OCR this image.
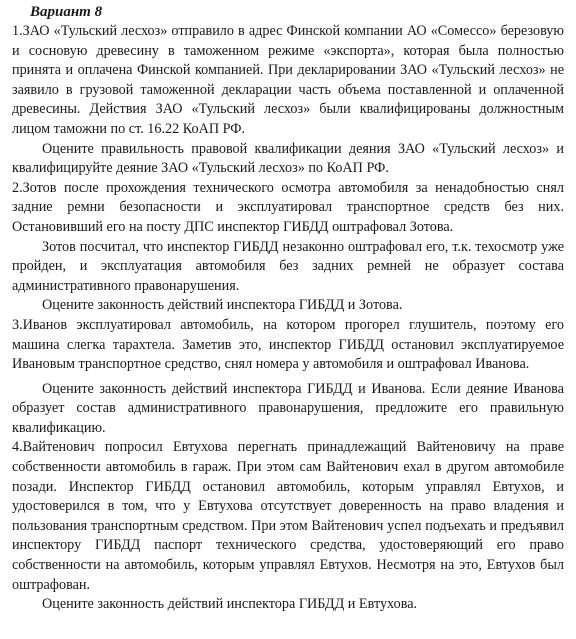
Вариант 8

1.ЗАО «Тульский лесхоз» отправило в адрес Финской компании АО «Сомессо» березовую и сосновую древесину в таможенном режиме «экспорта», которая была полностью принята и оплачена Финской компанией. При декларировании ЗАО «Тульский лесхоз» не заявило в грузовой таможенной декларации часть объема поставленной и оплаченной древесины. Действия ЗАО «Тульский лесхоз» были квалифицированы должностным лицом таможни по ст. 16.22 КоАП РФ.

Оцените правильность правовой квалификации деяния ЗАО «Тульский лесхоз» и квалифицируйте деяние ЗАО «Тульский лесхоз» по КоАП РФ.

2.Зотов после прохождения технического осмотра автомобиля за ненадобностью снял задние ремни безопасности и эксплуатировал транспортное средств без них. Остановивший его на посту ДПС инспектор ГИБДД оштрафовал Зотова.

Зотов посчитал, что инспектор ГИБДД незаконно оштрафовал его, т.к. техосмотр уже пройден, и эксплуатация автомобиля без задних ремней не образует состава административного правонарушения.

Оцените законность действий инспектора ГИБДД и Зотова.

3.Иванов эксплуатировал автомобиль, на котором прогорел глушитель, поэтому его машина слегка тарахтела. Заметив это, инспектор ГИБДД остановил эксплуатируемое Ивановым транспортное средство, снял номера у автомобиля и оштрафовал Иванова.

Оцените законность действий инспектора ГИБДД и Иванова. Если деяние Иванова образует состав административного правонарушения, предложите его правильную квалификацию.

4.Вайтенович попросил Евтухова перегнать принадлежащий Вайтеновичу на праве собственности автомобиль в гараж. При этом сам Вайтенович ехал в другом автомобиле позади. Инспектор ГИБДД остановил автомобиль, которым управлял Евтухов, и удостоверился в том, что у Евтухова отсутствует доверенность на право владения и пользования транспортным средством. При этом Вайтенович успел подъехать и предъявил инспектору ГИБДД паспорт технического средства, удостоверяющий его право собственности на автомобиль, которым управлял Евтухов. Несмотря на это, Евтухов был оштрафован.

Оцените законность действий инспектора ГИБДД и Евтухова.
